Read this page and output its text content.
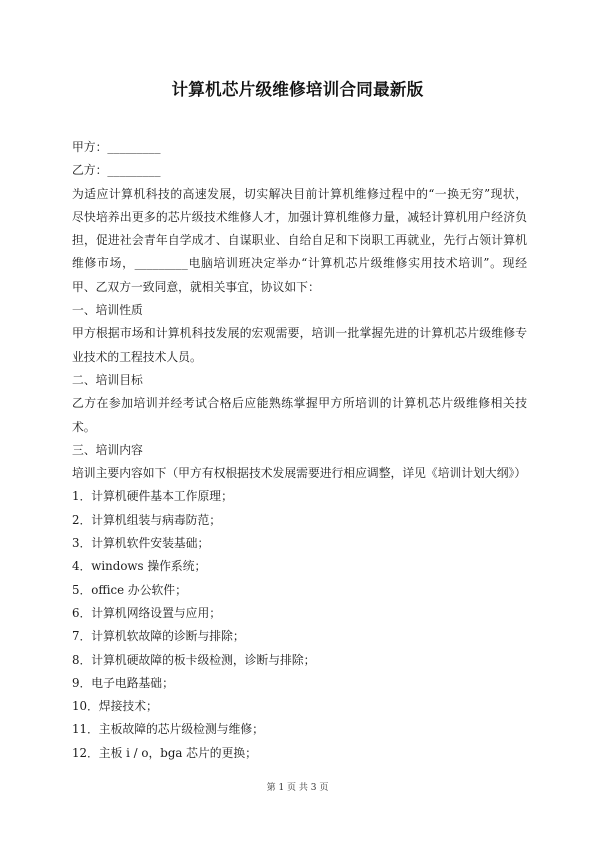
计算机芯片级维修培训合同最新版
甲方：_________
乙方：_________
为适应计算机科技的高速发展，切实解决目前计算机维修过程中的“一换无穷”现状，
尽快培养出更多的芯片级技术维修人才，加强计算机维修力量，减轻计算机用户经济负
担，促进社会青年自学成才、自谋职业、自给自足和下岗职工再就业，先行占领计算机
维修市场，_________电脑培训班决定举办“计算机芯片级维修实用技术培训”。现经
甲、乙双方一致同意，就相关事宜，协议如下：
一、培训性质
甲方根据市场和计算机科技发展的宏观需要，培训一批掌握先进的计算机芯片级维修专
业技术的工程技术人员。
二、培训目标
乙方在参加培训并经考试合格后应能熟练掌握甲方所培训的计算机芯片级维修相关技
术。
三、培训内容
培训主要内容如下（甲方有权根据技术发展需要进行相应调整，详见《培训计划大纲》）
1．计算机硬件基本工作原理；
2．计算机组装与病毒防范；
3．计算机软件安装基础；
4．windows 操作系统；
5．office 办公软件；
6．计算机网络设置与应用；
7．计算机软故障的诊断与排除；
8．计算机硬故障的板卡级检测，诊断与排除；
9．电子电路基础；
10．焊接技术；
11．主板故障的芯片级检测与维修；
12．主板 i / o，bga 芯片的更换；
第 1 页 共 3 页
